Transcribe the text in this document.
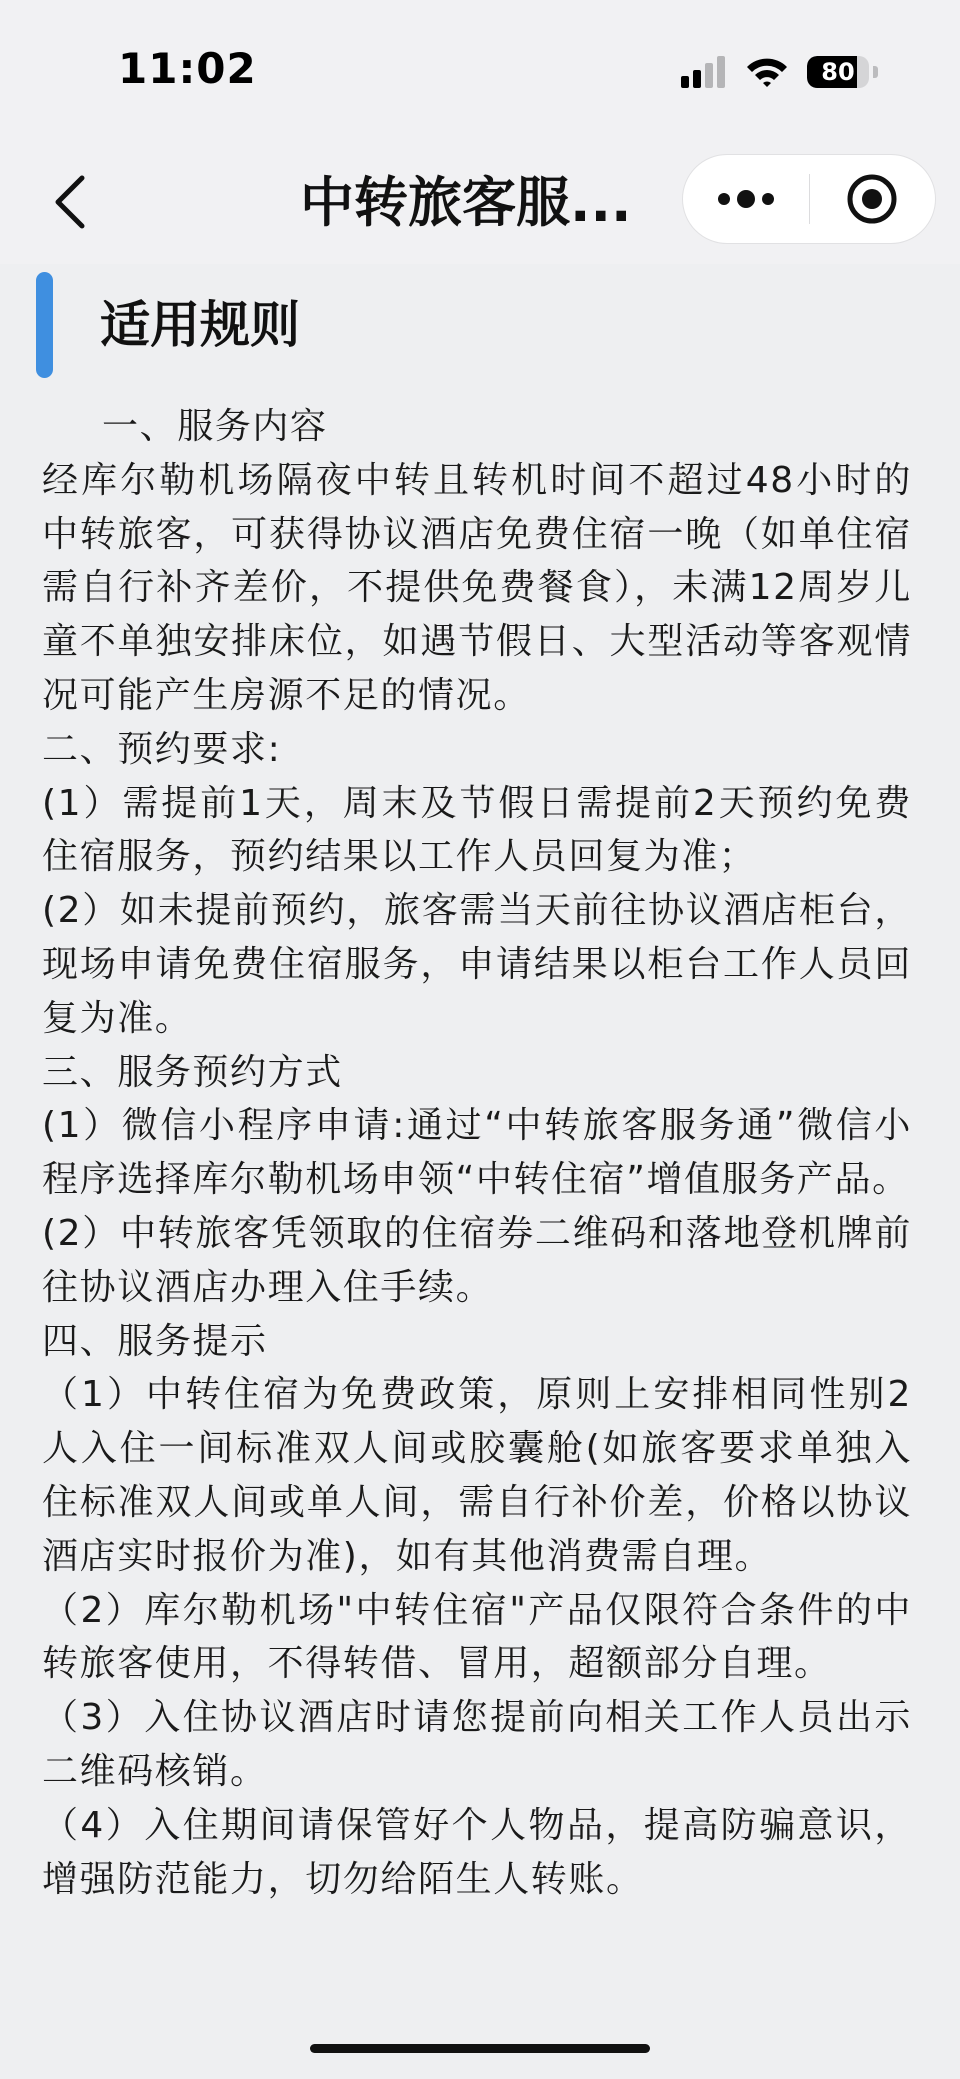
11:02	80
中转旅客服...
适用规则

一、服务内容

经库尔勒机场隔夜中转且转机时间不超过48小时的中转旅客，可获得协议酒店免费住宿一晚（如单住宿需自行补齐差价，不提供免费餐食），未满12周岁儿童不单独安排床位，如遇节假日、大型活动等客观情况可能产生房源不足的情况。

二、预约要求:

(1）需提前1天，周末及节假日需提前2天预约免费住宿服务，预约结果以工作人员回复为准；

(2）如未提前预约，旅客需当天前往协议酒店柜台，现场申请免费住宿服务，申请结果以柜台工作人员回复为准。

三、服务预约方式

(1）微信小程序申请:通过“中转旅客服务通”微信小程序选择库尔勒机场申领“中转住宿”增值服务产品。

(2）中转旅客凭领取的住宿券二维码和落地登机牌前往协议酒店办理入住手续。

四、服务提示

（1）中转住宿为免费政策，原则上安排相同性别2人入住一间标准双人间或胶囊舱(如旅客要求单独入住标准双人间或单人间，需自行补价差，价格以协议酒店实时报价为准)，如有其他消费需自理。

（2）库尔勒机场"中转住宿"产品仅限符合条件的中转旅客使用，不得转借、冒用，超额部分自理。

（3）入住协议酒店时请您提前向相关工作人员出示二维码核销。

（4）入住期间请保管好个人物品，提高防骗意识，增强防范能力，切勿给陌生人转账。
